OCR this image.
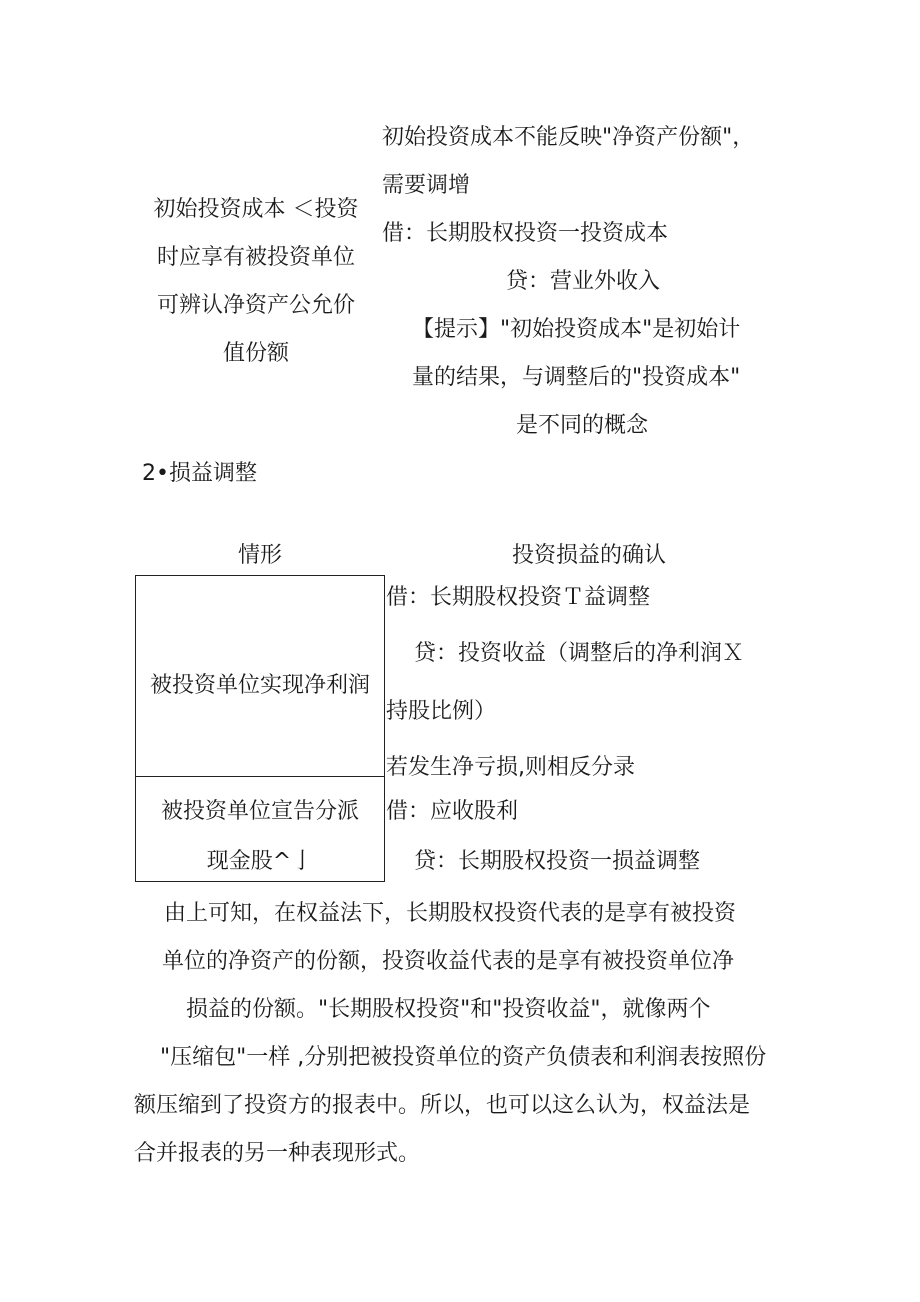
初始投资成本 ＜投资
时应享有被投资单位
可辨认净资产公允价
值份额
初始投资成本不能反映"净资产份额"，
需要调增
借：长期股权投资一投资成本
贷：营业外收入
【提示】"初始投资成本"是初始计
量的结果，与调整后的"投资成本"
是不同的概念
2•损益调整
情形	投资损益的确认
被投资单位实现净利润
借：长期股权投资Ｔ益调整
贷：投资收益（调整后的净利润Ｘ
持股比例）
若发生净亏损,则相反分录
被投资单位宣告分派
现金股^亅
借：应收股利
贷：长期股权投资一损益调整
由上可知，在权益法下，长期股权投资代表的是享有被投资
单位的净资产的份额，投资收益代表的是享有被投资单位净
损益的份额。"长期股权投资"和"投资收益"，就像两个
"压缩包"一样 ,分别把被投资单位的资产负债表和利润表按照份
额压缩到了投资方的报表中。所以，也可以这么认为，权益法是
合并报表的另一种表现形式。
